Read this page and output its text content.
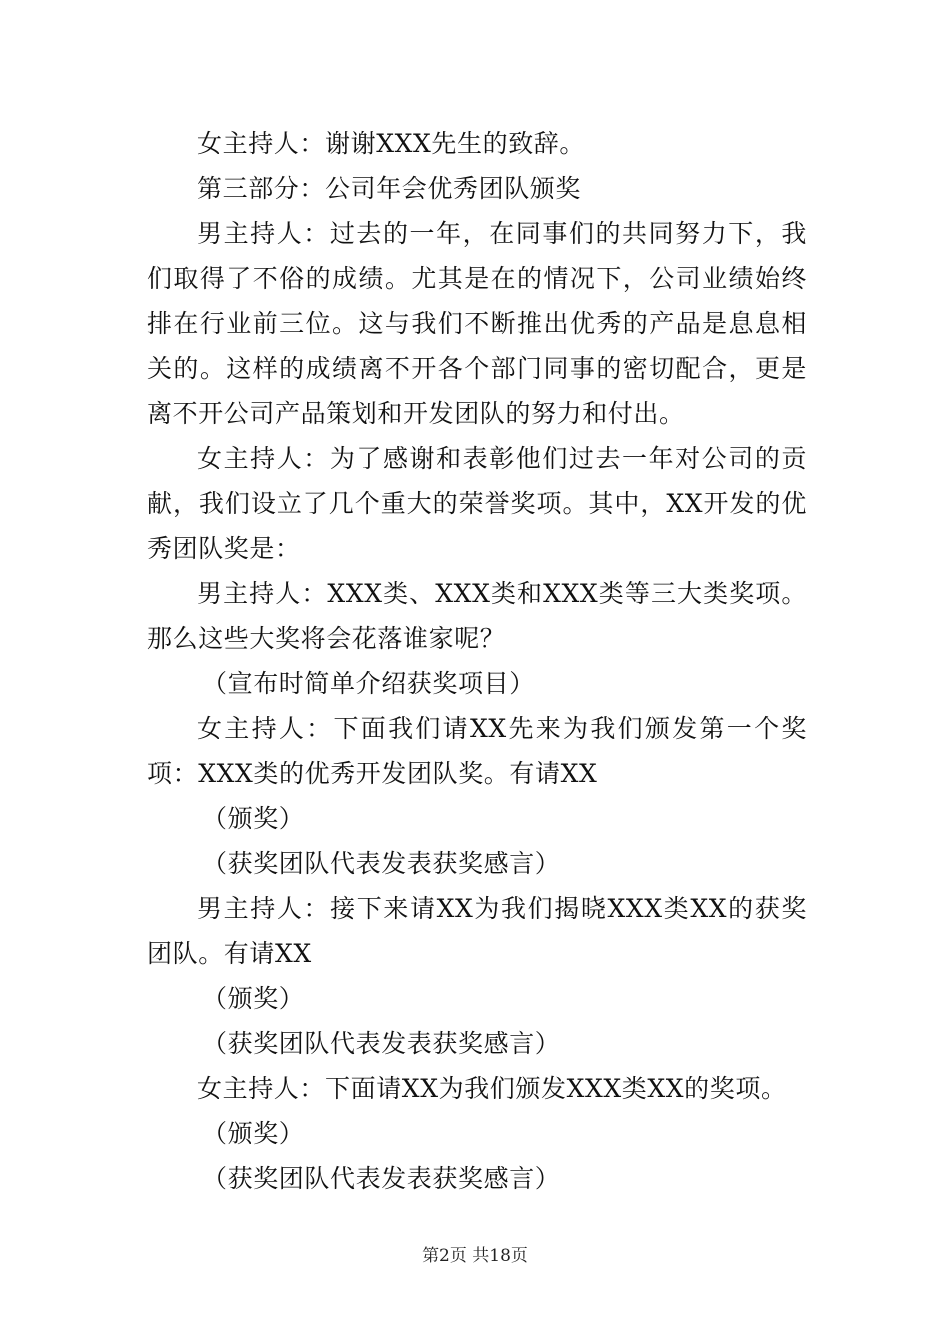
女主持人：谢谢XXX先生的致辞。

第三部分：公司年会优秀团队颁奖

男主持人：过去的一年，在同事们的共同努力下，我们取得了不俗的成绩。尤其是在的情况下，公司业绩始终排在行业前三位。这与我们不断推出优秀的产品是息息相关的。这样的成绩离不开各个部门同事的密切配合，更是离不开公司产品策划和开发团队的努力和付出。

女主持人：为了感谢和表彰他们过去一年对公司的贡献，我们设立了几个重大的荣誉奖项。其中，XX开发的优秀团队奖是：

男主持人：XXX类、XXX类和XXX类等三大类奖项。那么这些大奖将会花落谁家呢？

（宣布时简单介绍获奖项目）

女主持人：下面我们请XX先来为我们颁发第一个奖项：XXX类的优秀开发团队奖。有请XX

（颁奖）

（获奖团队代表发表获奖感言）

男主持人：接下来请XX为我们揭晓XXX类XX的获奖团队。有请XX

（颁奖）

（获奖团队代表发表获奖感言）

女主持人：下面请XX为我们颁发XXX类XX的奖项。

（颁奖）

（获奖团队代表发表获奖感言）

第2页 共18页
